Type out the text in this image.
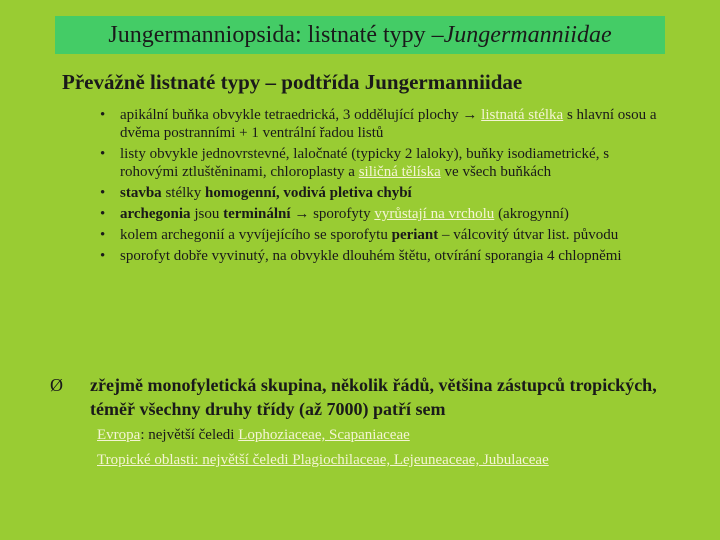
Jungermanniopsida: listnaté typy – Jungermanniidae
Převážně listnaté typy – podtřída Jungermanniidae
• apikální buňka obvykle tetraedrická, 3 oddělující plochy → listnatá stélka s hlavní osou a dvěma postranními + 1 ventrální řadou listů
• listy obvykle jednovrstevné, laločnaté (typicky 2 laloky), buňky isodiametrické, s rohovými ztluštěninami, chloroplasty a siličná tělíska ve všech buňkách
• stavba stélky homogenní, vodivá pletiva chybí
• archegonia jsou terminální → sporofyty vyrůstají na vrcholu (akrogynní)
• kolem archegonií a vyvíjejícího se sporofytu periant – válcovitý útvar list. původu
• sporofyt dobře vyvinutý, na obvykle dlouhém štětu, otvírání sporangia 4 chlopněmi
Ø	zřejmě monofyletická skupina, několik řádů, většina zástupců tropických, téměř všechny druhy třídy (až 7000) patří sem
Evropa: největší čeledi Lophoziaceae, Scapaniaceae
Tropické oblasti: největší čeledi Plagiochilaceae, Lejeuneaceae, Jubulaceae
